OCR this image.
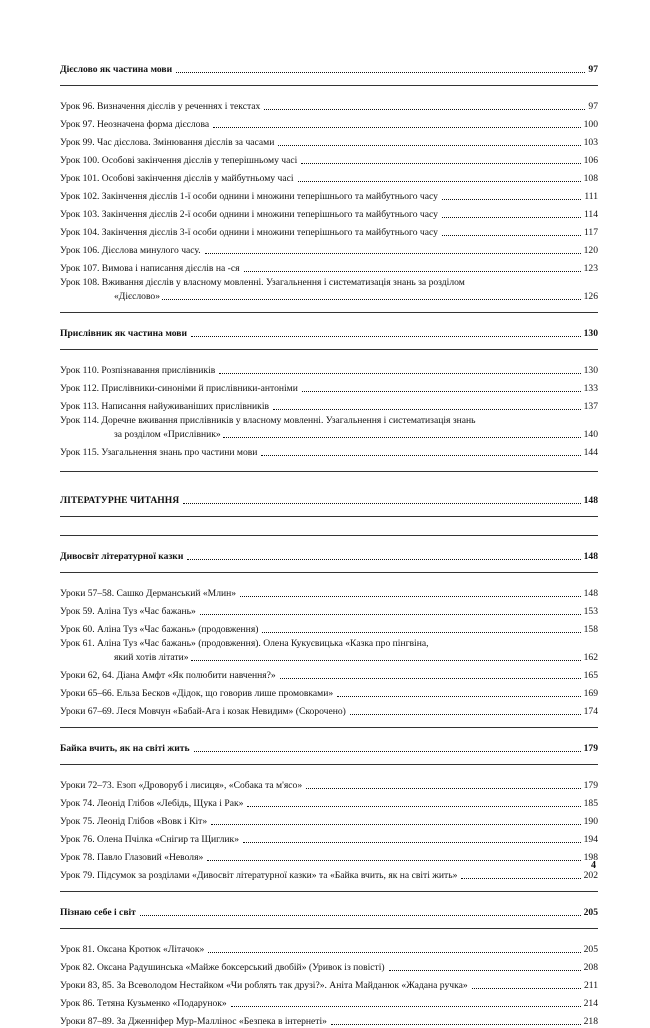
Дієслово як частина мови	97
Урок 96. Визначення дієслів у реченнях і текстах	97
Урок 97. Неозначена форма дієслова	100
Урок 99. Час дієслова. Змінювання дієслів за часами	103
Урок 100. Особові закінчення дієслів у теперішньому часі	106
Урок 101. Особові закінчення дієслів у майбутньому часі	108
Урок 102. Закінчення дієслів 1-ї особи однини і множини теперішнього та майбутнього часу	111
Урок 103. Закінчення дієслів 2-ї особи однини і множини теперішнього та майбутнього часу	114
Урок 104. Закінчення дієслів 3-ї особи однини і множини теперішнього та майбутнього часу	117
Урок 106. Дієслова минулого часу.	120
Урок 107. Вимова і написання дієслів на -ся	123
Урок 108. Вживання дієслів у власному мовленні. Узагальнення і систематизація знань за розділом
«Дієслово»	126
Прислівник як частина мови	130
Урок 110. Розпізнавання прислівників	130
Урок 112. Прислівники-синоніми й прислівники-антоніми	133
Урок 113. Написання найуживаніших прислівників	137
Урок 114. Доречне вживання прислівників у власному мовленні. Узагальнення і систематизація знань
за розділом «Прислівник»	140
Урок 115. Узагальнення знань про частини мови	144
ЛІТЕРАТУРНЕ ЧИТАННЯ	148
Дивосвіт літературної казки	148
Уроки 57–58. Сашко Дерманський «Млин»	148
Урок 59. Аліна Туз «Час бажань»	153
Урок 60. Аліна Туз «Час бажань» (продовження)	158
Урок 61. Аліна Туз «Час бажань» (продовження). Олена Кукуєвицька «Казка про пінгвіна,
який хотів літати»	162
Уроки 62, 64. Діана Амфт «Як полюбити навчення?»	165
Уроки 65–66. Ельза Бесков «Дідок, що говорив лише промовками»	169
Уроки 67–69. Леся Мовчун «Бабай-Ага і козак Невидим» (Скорочено)	174
Байка вчить, як на світі жить	179
Уроки 72–73. Езоп «Дроворуб і лисиця», «Собака та м'ясо»	179
Урок 74. Леонід Глібов «Лебідь, Щука і Рак»	185
Урок 75. Леонід Глібов «Вовк і Кіт»	190
Урок 76. Олена Пчілка «Снігир та Щиглик»	194
Урок 78. Павло Глазовий «Неволя»	198
Урок 79. Підсумок за розділами «Дивосвіт літературної казки» та «Байка вчить, як на світі жить»	202
Пізнаю себе і світ	205
Урок 81. Оксана Кротюк «Літачок»	205
Урок 82. Оксана Радушинська «Майже боксерський двобій» (Уривок із повісті)	208
Уроки 83, 85. За Всеволодом Нестайком «Чи роблять так друзі?». Аніта Майданюк «Жадана ручка»	211
Урок 86. Тетяна Кузьменко «Подарунок»	214
Уроки 87–89. За Дженніфер Мур-Маллінос «Безпека в інтернеті»	218
4
